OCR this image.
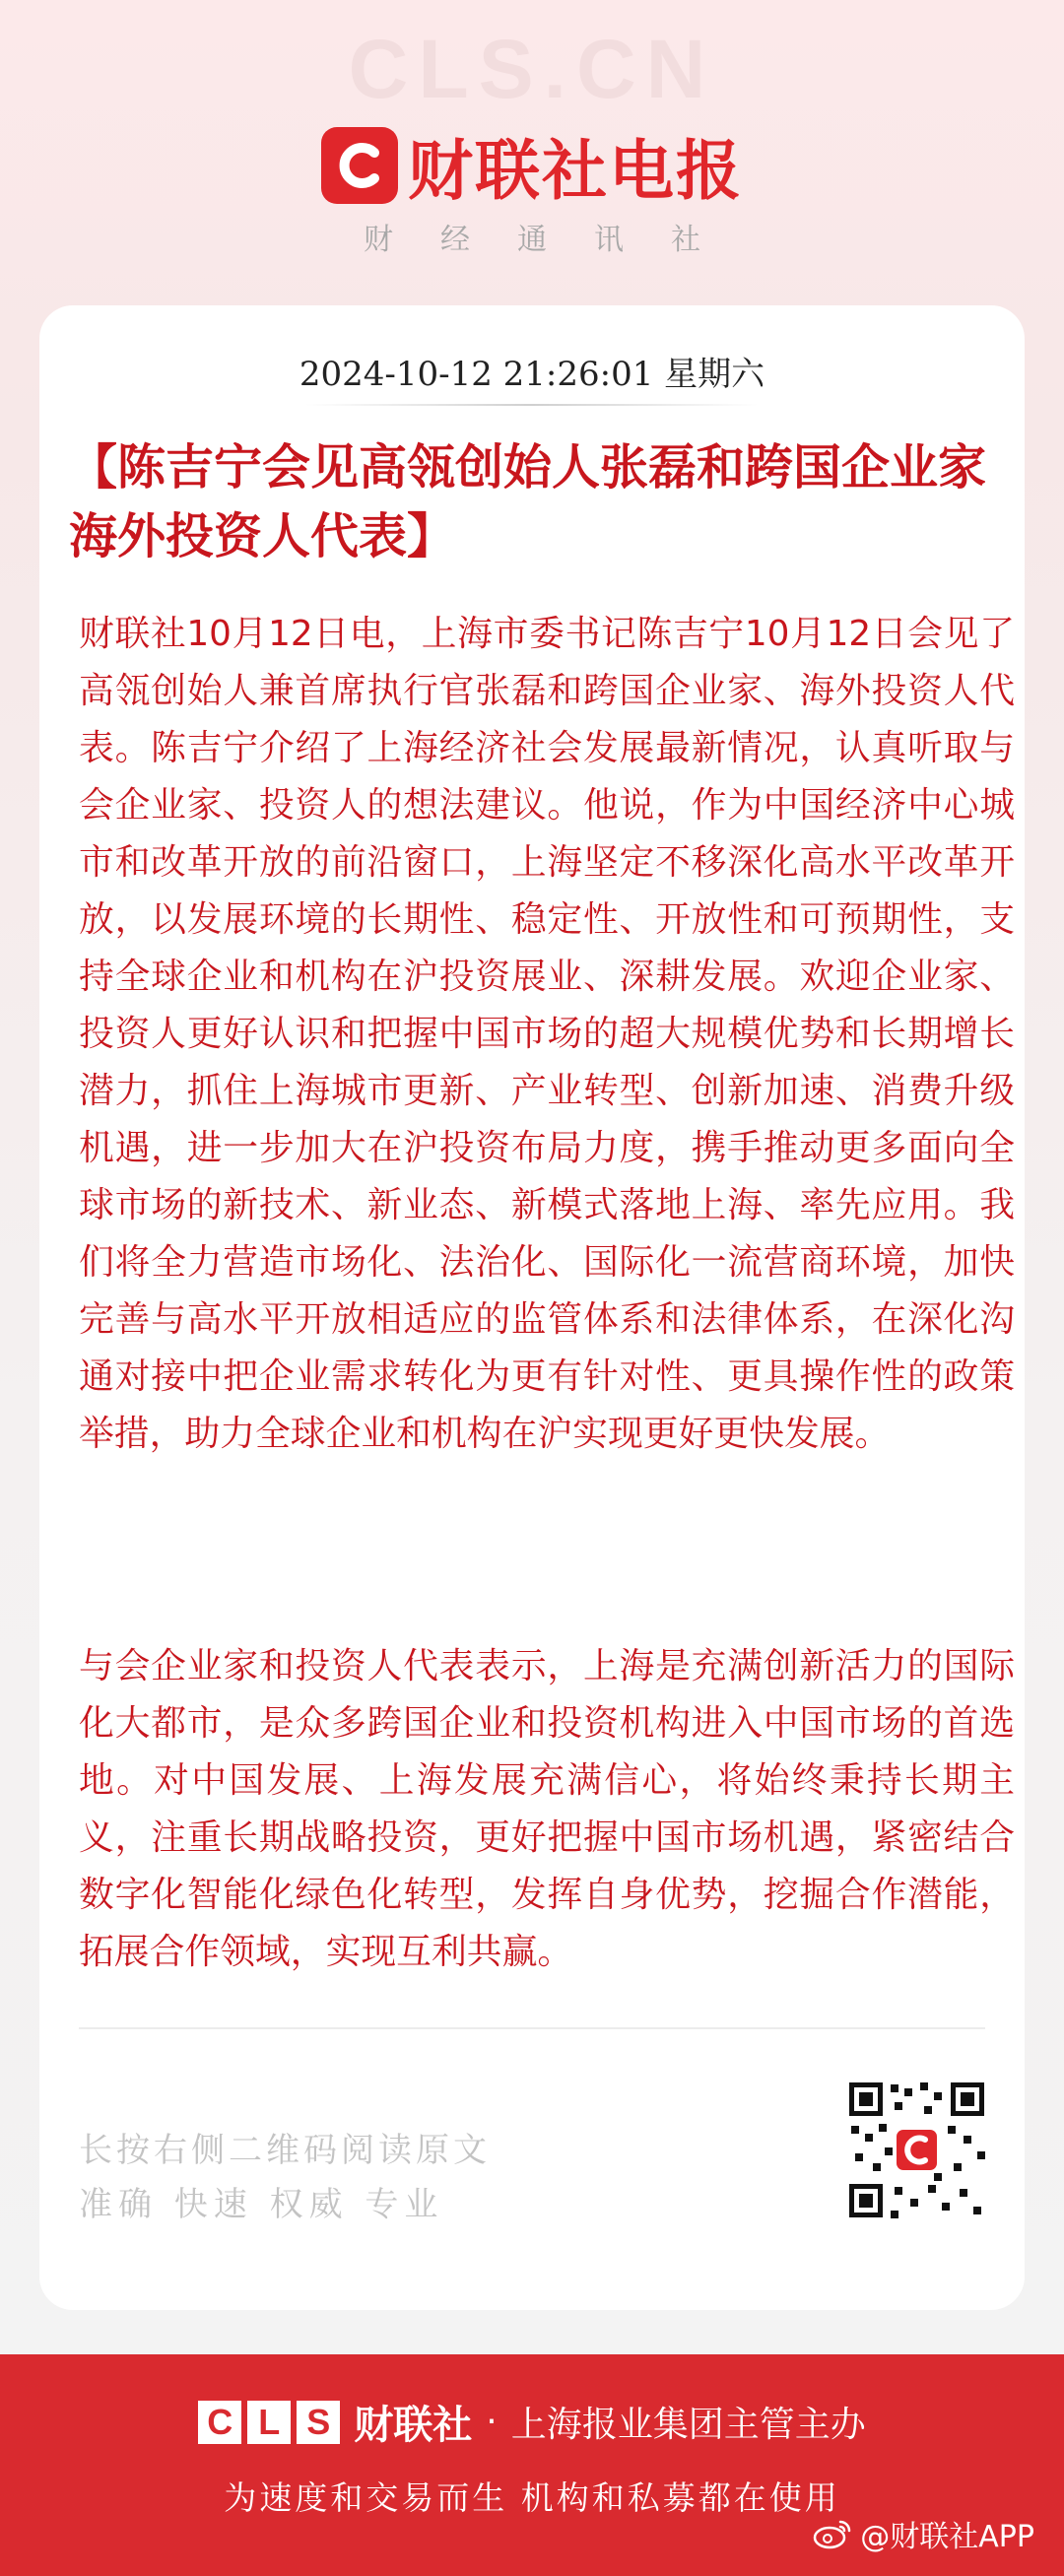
CLS.CN
财联社电报
财经通讯社
2024-10-12 21:26:01 星期六
【陈吉宁会见高瓴创始人张磊和跨国企业家海外投资人代表】

财联社10月12日电，上海市委书记陈吉宁10月12日会见了高瓴创始人兼首席执行官张磊和跨国企业家、海外投资人代表。陈吉宁介绍了上海经济社会发展最新情况，认真听取与会企业家、投资人的想法建议。他说，作为中国经济中心城市和改革开放的前沿窗口，上海坚定不移深化高水平改革开放，以发展环境的长期性、稳定性、开放性和可预期性，支持全球企业和机构在沪投资展业、深耕发展。欢迎企业家、投资人更好认识和把握中国市场的超大规模优势和长期增长潜力，抓住上海城市更新、产业转型、创新加速、消费升级机遇，进一步加大在沪投资布局力度，携手推动更多面向全球市场的新技术、新业态、新模式落地上海、率先应用。我们将全力营造市场化、法治化、国际化一流营商环境，加快完善与高水平开放相适应的监管体系和法律体系，在深化沟通对接中把企业需求转化为更有针对性、更具操作性的政策举措，助力全球企业和机构在沪实现更好更快发展。

与会企业家和投资人代表表示，上海是充满创新活力的国际化大都市，是众多跨国企业和投资机构进入中国市场的首选地。对中国发展、上海发展充满信心，将始终秉持长期主义，注重长期战略投资，更好把握中国市场机遇，紧密结合数字化智能化绿色化转型，发挥自身优势，挖掘合作潜能，拓展合作领域，实现互利共赢。

长按右侧二维码阅读原文
准确 快速 权威 专业
C L S 财联社 · 上海报业集团主管主办
为速度和交易而生 机构和私募都在使用
@财联社APP
